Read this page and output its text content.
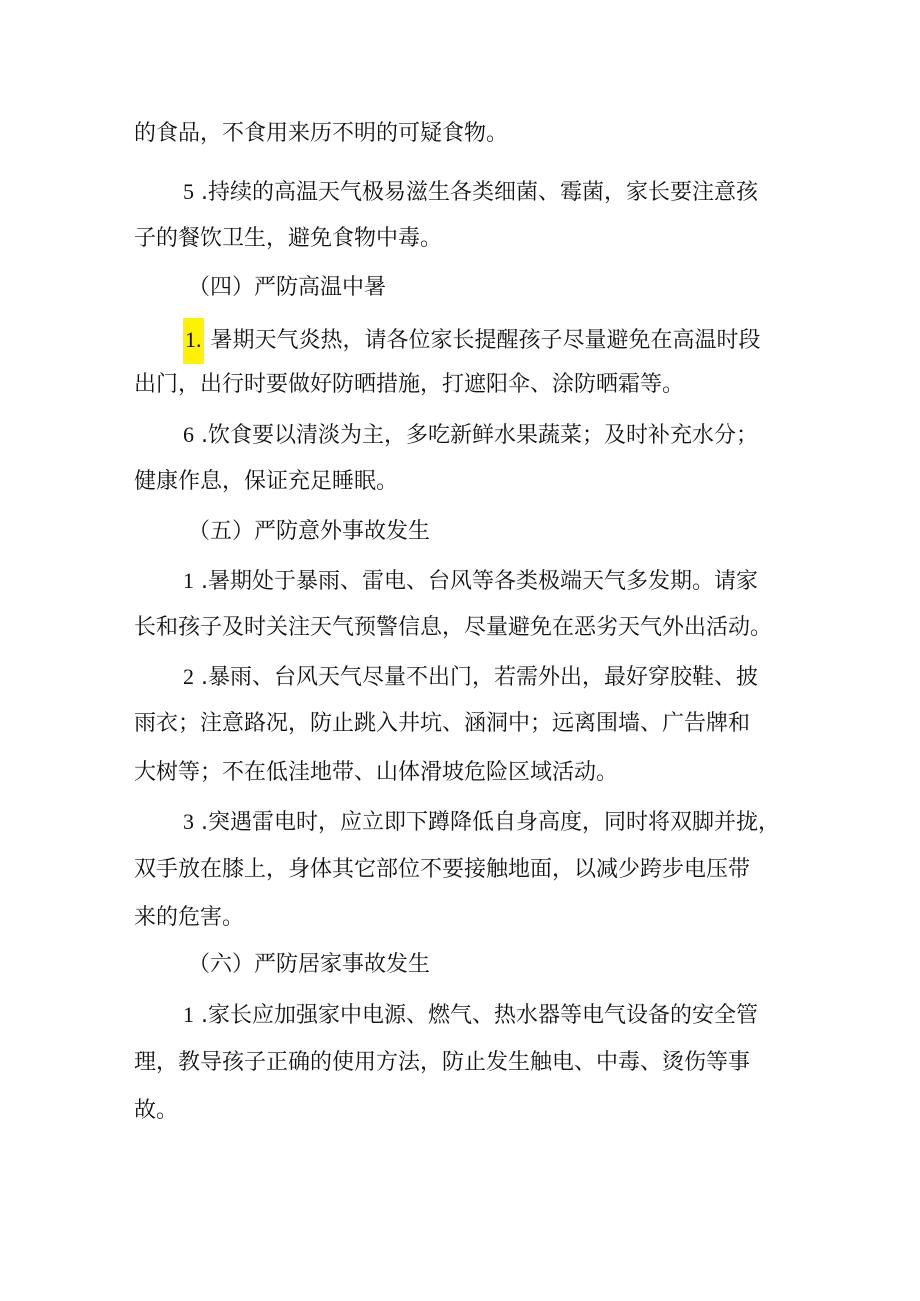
的食品，不食用来历不明的可疑食物。
5 .持续的高温天气极易滋生各类细菌、霉菌，家长要注意孩
子的餐饮卫生，避免食物中毒。
（四）严防高温中暑
1. 暑期天气炎热，请各位家长提醒孩子尽量避免在高温时段
出门，出行时要做好防晒措施，打遮阳伞、涂防晒霜等。
6 .饮食要以清淡为主，多吃新鲜水果蔬菜；及时补充水分；
健康作息，保证充足睡眠。
（五）严防意外事故发生
1 .暑期处于暴雨、雷电、台风等各类极端天气多发期。请家
长和孩子及时关注天气预警信息，尽量避免在恶劣天气外出活动。
2 .暴雨、台风天气尽量不出门，若需外出，最好穿胶鞋、披
雨衣；注意路况，防止跳入井坑、涵洞中；远离围墙、广告牌和
大树等；不在低洼地带、山体滑坡危险区域活动。
3 .突遇雷电时，应立即下蹲降低自身高度，同时将双脚并拢，
双手放在膝上，身体其它部位不要接触地面，以减少跨步电压带
来的危害。
（六）严防居家事故发生
1 .家长应加强家中电源、燃气、热水器等电气设备的安全管
理，教导孩子正确的使用方法，防止发生触电、中毒、烫伤等事
故。
